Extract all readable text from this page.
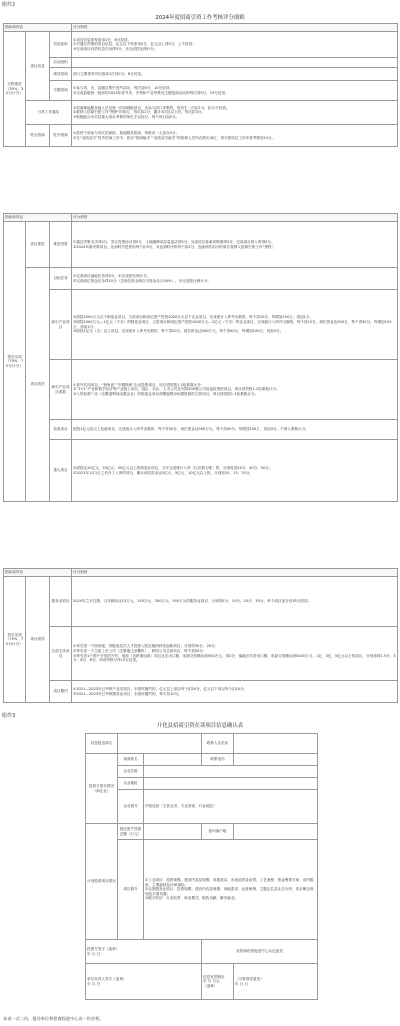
附件2
2024年度招商引资工作考核评分细则
指标和内容			评分细则
过程推进（30%，30分计分）	项目信息	信息获取	①项目信息报每条得1分，6分封顶；
②对通过决策的项目信息，亿元以下每条得2分，亿元以上得5分，上不封顶；
③完成项目有效信息任务得5分，未完成按比例计分。

		活动组织	
		领导招商	部门主要领导外出招商1次得2分，8分封顶。

		专题招商	①参与省、市、县级目集中签约活动，每次加5分，10分封顶；
②完成县级统一组织的2024年度节庆、乡贤和产业等系列主题招商活动的每次得5分，15分封顶。

	日常工作落实		①招商基地服务地人员至第一时间调配项目，未参与部门采集的，每发生一次扣1分，扣分不封顶。
②被纳入招商引资工作"黑榜"的单位，每次扣2分，累计3次及以上的，每次扣3分。
③积极配合市对县重大项目考核的单位予以加分，每个项目加5分。

	驻点招商	驻外招商	①派驻干部参与对区招商组、基地服务招商，每派出一人加分5分；
②在“双招双引”驻外招商工作中，获评“招商能手”“双招双引能手”的招商人员所在派出单位，得分按项目工作年度考核加10分。
指标和内容			评分细则
招引实绩（70%，70分计分）	项目推进	推进进度	①通过决策否决得5分，签订投资协议得5分，土地摘牌或存量盘活得5分，完成项目备案或核准得5分，完成项目纳入库得5分。
②2024年新决策项目，达到时序进度的每个扣3分，未达到时序的每个扣2分，连续两次扣分的单位将纳入招商引资工作“黑榜”。

	项目绩效	目标任务	①完成项目落地任务得5分，未完成按比例计分；
②完成到位资金任务得10分（总到位资金和自引资金各占50%），未完成按比例计分。

		新引产业项目	①固投2000万元以下制造业项目、文旅项目和固定资产投资1000万元以下农业项目，完成统计入库并出数的，每个得10分，每增加100万，再加1分；
②固投2000万元—1亿元（不含）的制造业项目、文旅项目和固定资产投资1000万元—1亿元（不含）的农业项目，完成统计入库并出数的，每个得15分，到位资金达500万，每个得30分，每增加100万，再加1分；
③固投1亿元（含）以上项目，完成统计入库并出数的，每个得20分，到位资金达500万元，每个得40分，每增加100万，再加3分。

		新引产业项目系数	①省外共同项目，“独角兽”“专精特新”企业投资项目，项目绩效按1.3倍系数计分；
②“2+2”产业和数字经济等产业链上项目，国企、央企、上市公司及列居500强公司直接投资的项目，项目绩效按1.2倍系数计分；
③入驻标准厂房（含腾退利用闲置企业）的制造业项目或腾退利用闲置资源的文旅项目，项目绩效按1.3倍系数计分。

		技改项目	固投1亿元及以上技改项目，完成统计入库并出数的，每个得20分，到位资金达500万元，每个得40分，每增加100万，再加3分，不纳入系数计分。

		重大项目	①固投达10亿元、20亿元、50亿元以上的制造业项目，当年完成统计入库（以出数为准）的，分别再加20分、30分、50分。
②2023年1月1日之后开工入库的项目，累计到位资金达2亿元、5亿元、10亿元以上的，分别加10、15、25分。
指标和内容			评分细则
招引实绩（70%，70分计分）	项目绩效	服务业项目	2024年之后注册，当年税收达15万元、150万元、300万元、500万元的服务业项目，分别得5分、10分、20分、35分，单个项目加分至35分封顶。

		总部主体项目	①每引进一个国家级、省级高层次人才投资入股实施的科技创新项目，分别得30分、20分；
②每引进一个主板上市公司（注册地迁至衢州），跨国公司总部项目，每个加50分；
③每引进1个国产开发的外贸、电商（含跨境电商）项目且在出口额、电商交易额达到500万元，得2分；落地后年进出口额、电商交易额达到5000万元、1亿、3亿、5亿元以上的项目，分别再得1.5分、3分、6分、8分。该项考核分得15分封顶。

		项目履约	①2021—2023年已考核产业类项目，未按时履约的，亿元以上项目每个扣20分，亿元以下项目每个扣10分。
②2021—2023年已考核服务业项目，未按时履约的，每个扣10分。
附件3
开化县招商引资在谈项目信息确认表
信息报送单位			联系人及电话	
投资方基本情况（商企业）	客商姓名		联系电话	
	企业名称			
	企业地址			
	企业简介	内容包括（主营业务、专业资质、行业地位）		
计划投资项目情况	固定资产投资总额（万元）		意向落户地	
	项目简介	①工业项目：投资规模、建设内容及规模、用地需求、市场前景及前景、工艺流程、资金筹措方案、省内税收、主要能耗及环保指标；
②农旅服务业项目：投资规模、建设内容及规模、用地需求、运营案例、主题定位及业态分析、初步概念规划及平面布置；
③数字经济：行业前景、商业模式、税收贡献、解决就业。		

投资方签字（盖章）
年 月 日			县招商投资促进中心认定意见	

单位负责人签字（盖章）
年 月 日			信息有效期至
年 月 日止
（盖章）	（分管领导意见）
年 月 日
本表一式二份，报送单位和招商投促中心各一份存档。
